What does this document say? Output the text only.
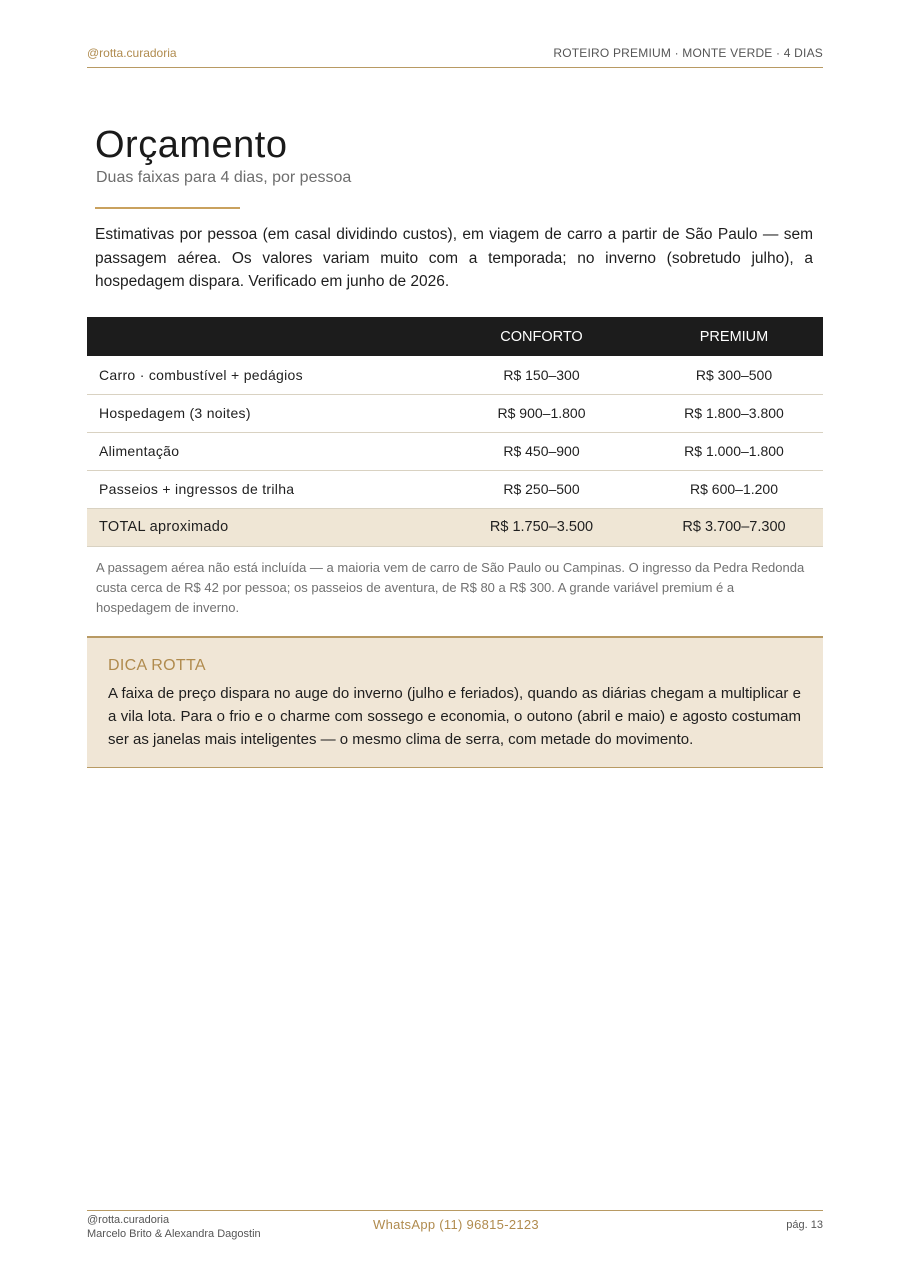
@rotta.curadoria	ROTEIRO PREMIUM · MONTE VERDE · 4 DIAS
Orçamento
Duas faixas para 4 dias, por pessoa
Estimativas por pessoa (em casal dividindo custos), em viagem de carro a partir de São Paulo — sem passagem aérea. Os valores variam muito com a temporada; no inverno (sobretudo julho), a hospedagem dispara. Verificado em junho de 2026.
	CONFORTO	PREMIUM
Carro · combustível + pedágios	R$ 150–300	R$ 300–500
Hospedagem (3 noites)	R$ 900–1.800	R$ 1.800–3.800
Alimentação	R$ 450–900	R$ 1.000–1.800
Passeios + ingressos de trilha	R$ 250–500	R$ 600–1.200
TOTAL aproximado	R$ 1.750–3.500	R$ 3.700–7.300
A passagem aérea não está incluída — a maioria vem de carro de São Paulo ou Campinas. O ingresso da Pedra Redonda custa cerca de R$ 42 por pessoa; os passeios de aventura, de R$ 80 a R$ 300. A grande variável premium é a hospedagem de inverno.
DICA ROTTA
A faixa de preço dispara no auge do inverno (julho e feriados), quando as diárias chegam a multiplicar e a vila lota. Para o frio e o charme com sossego e economia, o outono (abril e maio) e agosto costumam ser as janelas mais inteligentes — o mesmo clima de serra, com metade do movimento.
@rotta.curadoria
Marcelo Brito & Alexandra Dagostin
WhatsApp (11) 96815-2123	pág. 13
